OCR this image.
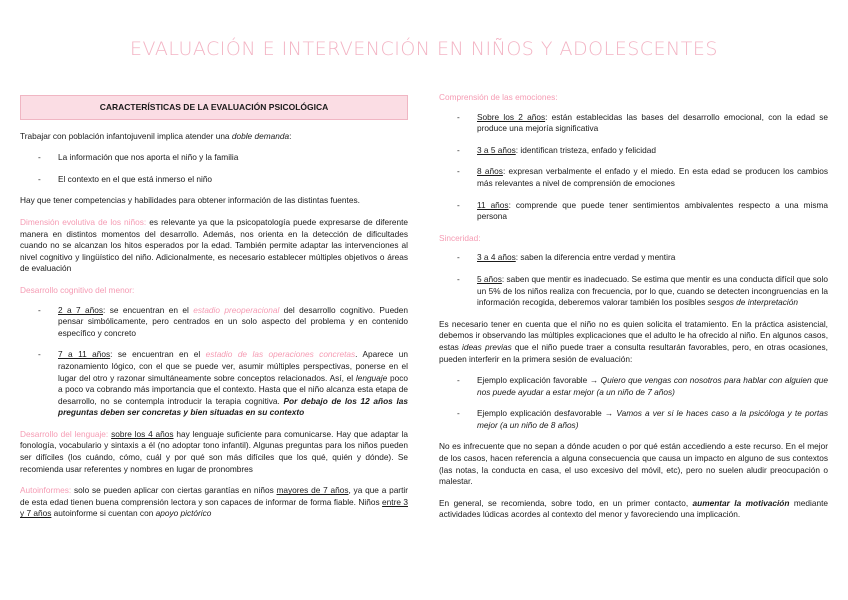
EVALUACIÓN E INTERVENCIÓN EN NIÑOS Y ADOLESCENTES
CARACTERÍSTICAS DE LA EVALUACIÓN PSICOLÓGICA

Trabajar con población infantojuvenil implica atender una doble demanda:

- La información que nos aporta el niño y la familia
- El contexto en el que está inmerso el niño

Hay que tener competencias y habilidades para obtener información de las distintas fuentes.

Dimensión evolutiva de los niños: es relevante ya que la psicopatología puede expresarse de diferente manera en distintos momentos del desarrollo. Además, nos orienta en la detección de dificultades cuando no se alcanzan los hitos esperados por la edad. También permite adaptar las intervenciones al nivel cognitivo y lingüístico del niño. Adicionalmente, es necesario establecer múltiples objetivos o áreas de evaluación

Desarrollo cognitivo del menor:

- 2 a 7 años: se encuentran en el estadio preoperacional del desarrollo cognitivo. Pueden pensar simbólicamente, pero centrados en un solo aspecto del problema y en contenido específico y concreto
- 7 a 11 años: se encuentran en el estadio de las operaciones concretas. Aparece un razonamiento lógico, con el que se puede ver, asumir múltiples perspectivas, ponerse en el lugar del otro y razonar simultáneamente sobre conceptos relacionados. Así, el lenguaje poco a poco va cobrando más importancia que el contexto. Hasta que el niño alcanza esta etapa de desarrollo, no se contempla introducir la terapia cognitiva. Por debajo de los 12 años las preguntas deben ser concretas y bien situadas en su contexto

Desarrollo del lenguaje: sobre los 4 años hay lenguaje suficiente para comunicarse. Hay que adaptar la fonología, vocabulario y sintaxis a él (no adoptar tono infantil). Algunas preguntas para los niños pueden ser difíciles (los cuándo, cómo, cuál y por qué son más difíciles que los qué, quién y dónde). Se recomienda usar referentes y nombres en lugar de pronombres

Autoinformes: solo se pueden aplicar con ciertas garantías en niños mayores de 7 años, ya que a partir de esta edad tienen buena comprensión lectora y son capaces de informar de forma fiable. Niños entre 3 y 7 años autoinforme si cuentan con apoyo pictórico

Comprensión de las emociones:

- Sobre los 2 años: están establecidas las bases del desarrollo emocional, con la edad se produce una mejoría significativa
- 3 a 5 años: identifican tristeza, enfado y felicidad
- 8 años: expresan verbalmente el enfado y el miedo. En esta edad se producen los cambios más relevantes a nivel de comprensión de emociones
- 11 años: comprende que puede tener sentimientos ambivalentes respecto a una misma persona

Sinceridad:

- 3 a 4 años: saben la diferencia entre verdad y mentira
- 5 años: saben que mentir es inadecuado. Se estima que mentir es una conducta difícil que solo un 5% de los niños realiza con frecuencia, por lo que, cuando se detecten incongruencias en la información recogida, deberemos valorar también los posibles sesgos de interpretación

Es necesario tener en cuenta que el niño no es quien solicita el tratamiento. En la práctica asistencial, debemos ir observando las múltiples explicaciones que el adulto le ha ofrecido al niño. En algunos casos, estas ideas previas que el niño puede traer a consulta resultarán favorables, pero, en otras ocasiones, pueden interferir en la primera sesión de evaluación:

- Ejemplo explicación favorable → Quiero que vengas con nosotros para hablar con alguien que nos puede ayudar a estar mejor (a un niño de 7 años)
- Ejemplo explicación desfavorable → Vamos a ver si le haces caso a la psicóloga y te portas mejor (a un niño de 8 años)

No es infrecuente que no sepan a dónde acuden o por qué están accediendo a este recurso. En el mejor de los casos, hacen referencia a alguna consecuencia que causa un impacto en alguno de sus contextos (las notas, la conducta en casa, el uso excesivo del móvil, etc), pero no suelen aludir preocupación o malestar.

En general, se recomienda, sobre todo, en un primer contacto, aumentar la motivación mediante actividades lúdicas acordes al contexto del menor y favoreciendo una implicación.
